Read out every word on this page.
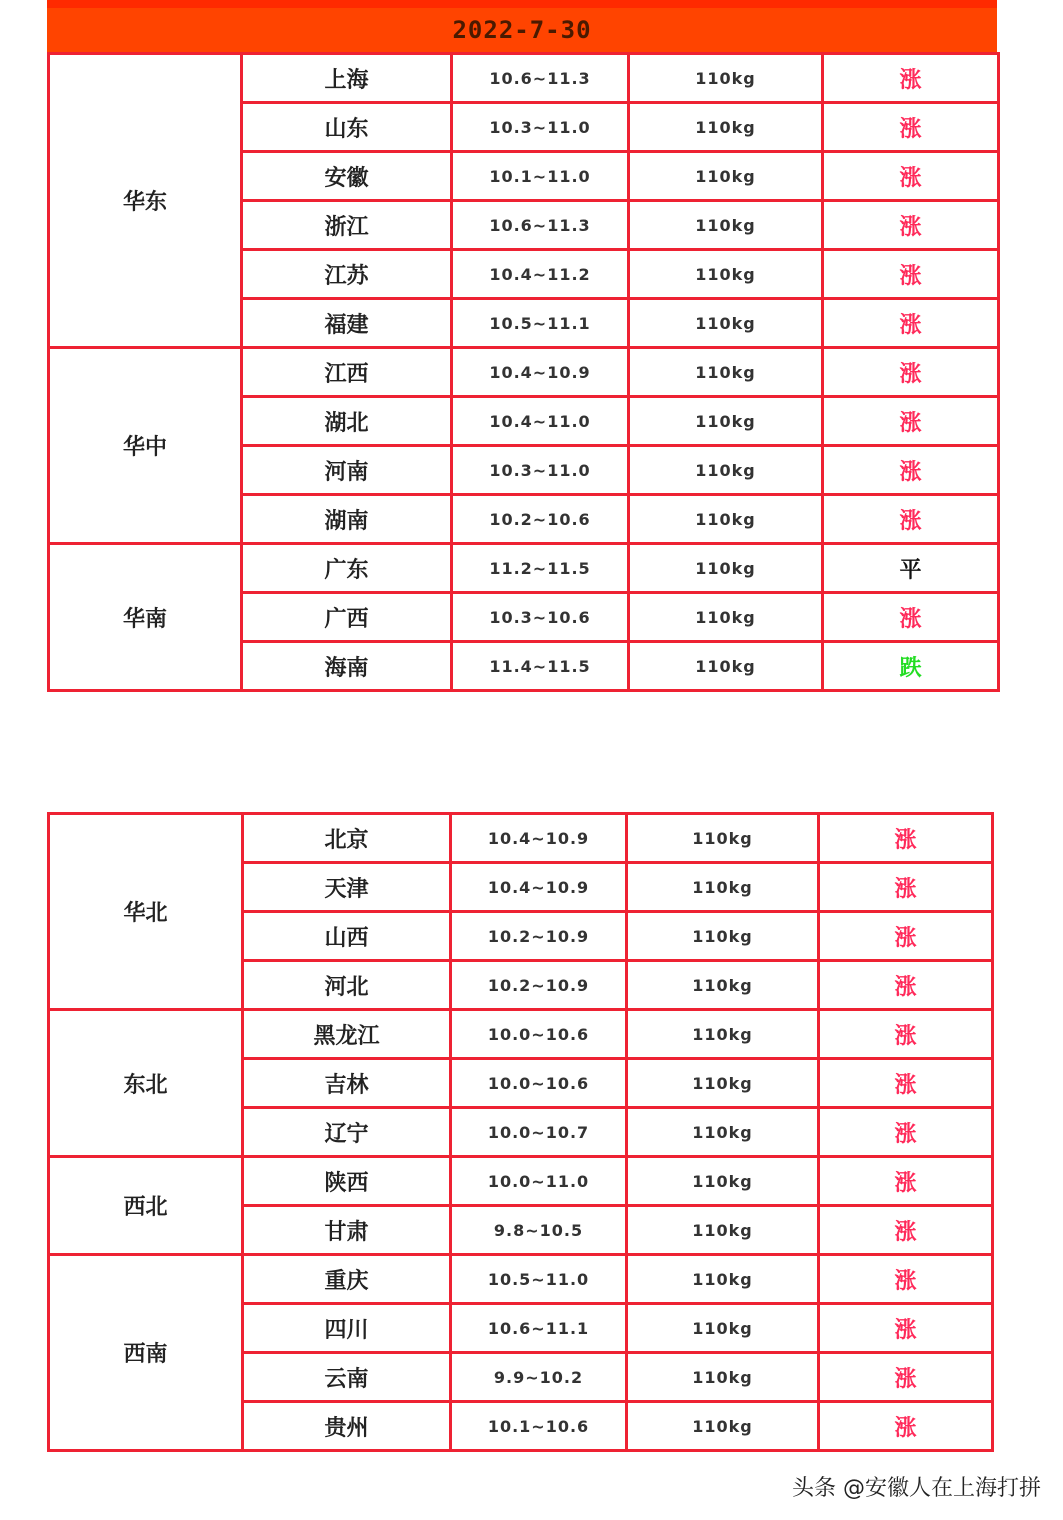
2022-7-30
华东	上海	10.6~11.3	110kg	涨
	山东	10.3~11.0	110kg	涨
	安徽	10.1~11.0	110kg	涨
	浙江	10.6~11.3	110kg	涨
	江苏	10.4~11.2	110kg	涨
	福建	10.5~11.1	110kg	涨
华中	江西	10.4~10.9	110kg	涨
	湖北	10.4~11.0	110kg	涨
	河南	10.3~11.0	110kg	涨
	湖南	10.2~10.6	110kg	涨
华南	广东	11.2~11.5	110kg	平
	广西	10.3~10.6	110kg	涨
	海南	11.4~11.5	110kg	跌
华北	北京	10.4~10.9	110kg	涨
	天津	10.4~10.9	110kg	涨
	山西	10.2~10.9	110kg	涨
	河北	10.2~10.9	110kg	涨
东北	黑龙江	10.0~10.6	110kg	涨
	吉林	10.0~10.6	110kg	涨
	辽宁	10.0~10.7	110kg	涨
西北	陕西	10.0~11.0	110kg	涨
	甘肃	9.8~10.5	110kg	涨
西南	重庆	10.5~11.0	110kg	涨
	四川	10.6~11.1	110kg	涨
	云南	9.9~10.2	110kg	涨
	贵州	10.1~10.6	110kg	涨
头条 @安徽人在上海打拼
